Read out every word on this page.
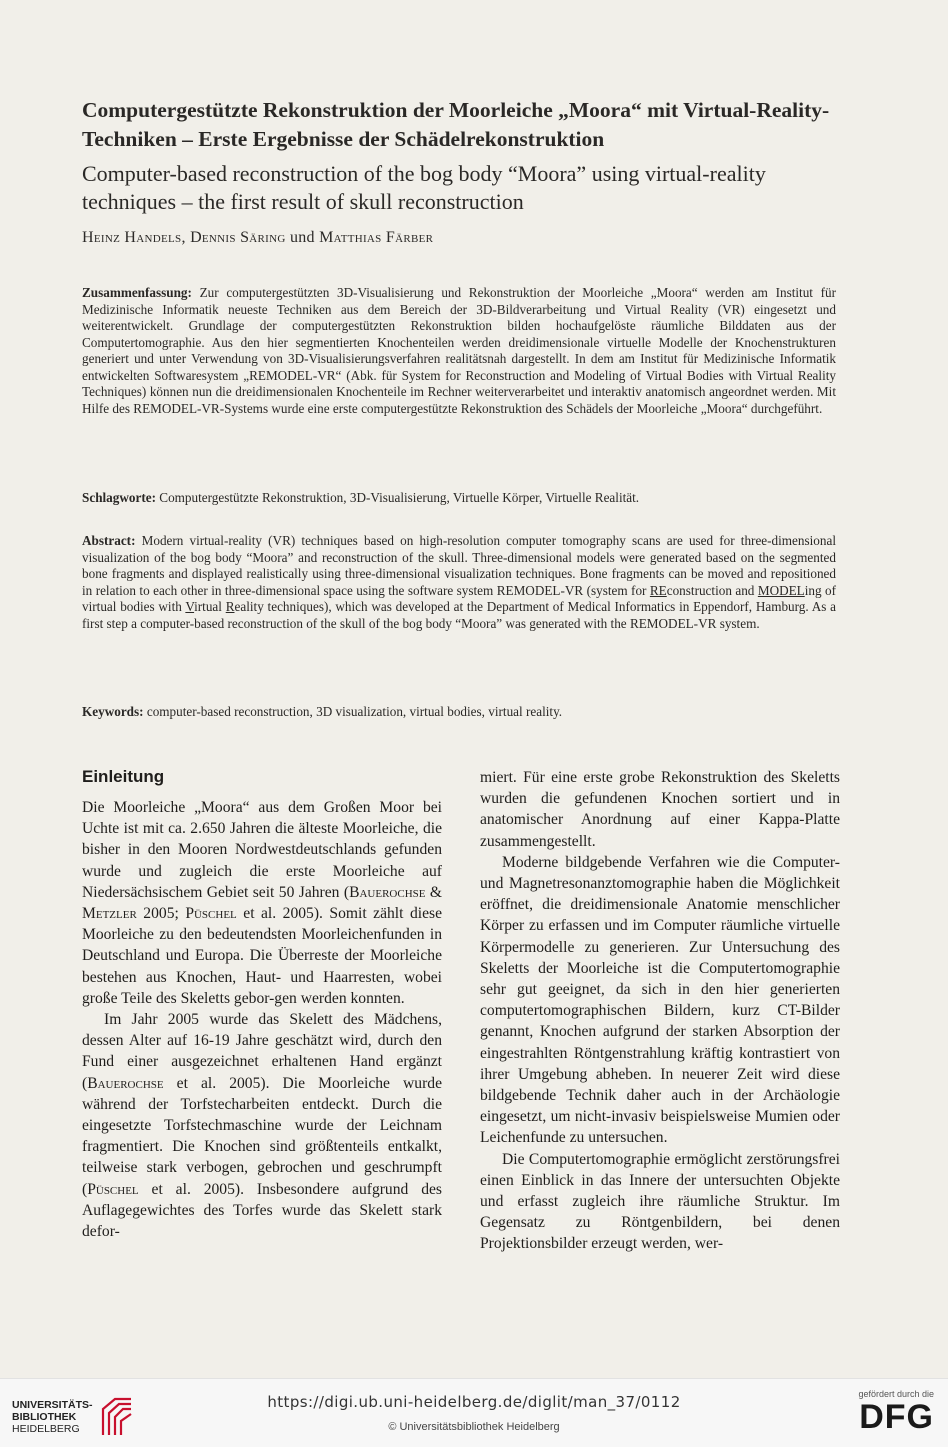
Computergestützte Rekonstruktion der Moorleiche „Moora“ mit Virtual-Reality-Techniken – Erste Ergebnisse der Schädelrekonstruktion
Computer-based reconstruction of the bog body “Moora” using virtual-reality techniques – the first result of skull reconstruction
Heinz Handels, Dennis Säring und Matthias Färber
Zusammenfassung: Zur computergestützten 3D-Visualisierung und Rekonstruktion der Moorleiche „Moora“ werden am Institut für Medizinische Informatik neueste Techniken aus dem Bereich der 3D-Bildverarbeitung und Virtual Reality (VR) eingesetzt und weiterentwickelt. Grundlage der computergestützten Rekonstruktion bilden hochaufgelöste räumliche Bilddaten aus der Computertomographie. Aus den hier segmentierten Knochenteilen werden dreidimensionale virtuelle Modelle der Knochenstrukturen generiert und unter Verwendung von 3D-Visualisierungsverfahren realitätsnah dargestellt. In dem am Institut für Medizinische Informatik entwickelten Softwaresystem „REMODEL-VR“ (Abk. für System for Reconstruction and Modeling of Virtual Bodies with Virtual Reality Techniques) können nun die dreidimensionalen Knochenteile im Rechner weiterverarbeitet und interaktiv anatomisch angeordnet werden. Mit Hilfe des REMODEL-VR-Systems wurde eine erste computergestützte Rekonstruktion des Schädels der Moorleiche „Moora“ durchgeführt.
Schlagworte: Computergestützte Rekonstruktion, 3D-Visualisierung, Virtuelle Körper, Virtuelle Realität.
Abstract: Modern virtual-reality (VR) techniques based on high-resolution computer tomography scans are used for three-dimensional visualization of the bog body “Moora” and reconstruction of the skull. Three-dimensional models were generated based on the segmented bone fragments and displayed realistically using three-dimensional visualization techniques. Bone fragments can be moved and repositioned in relation to each other in three-dimensional space using the software system REMODEL-VR (system for REconstruction and MODELing of virtual bodies with Virtual Reality techniques), which was developed at the Department of Medical Informatics in Eppendorf, Hamburg. As a first step a computer-based reconstruction of the skull of the bog body “Moora” was generated with the REMODEL-VR system.
Keywords: computer-based reconstruction, 3D visualization, virtual bodies, virtual reality.
Einleitung

Die Moorleiche „Moora“ aus dem Großen Moor bei Uchte ist mit ca. 2.650 Jahren die älteste Moorleiche, die bisher in den Mooren Nordwestdeutschlands gefunden wurde und zugleich die erste Moorleiche auf Niedersächsischem Gebiet seit 50 Jahren (Bauerochse & Metzler 2005; Püschel et al. 2005). Somit zählt diese Moorleiche zu den bedeutendsten Moorleichenfunden in Deutschland und Europa. Die Überreste der Moorleiche bestehen aus Knochen, Haut- und Haarresten, wobei große Teile des Skeletts gebor-gen werden konnten.

Im Jahr 2005 wurde das Skelett des Mädchens, dessen Alter auf 16-19 Jahre geschätzt wird, durch den Fund einer ausgezeichnet erhaltenen Hand ergänzt (Bauerochse et al. 2005). Die Moorleiche wurde während der Torfstecharbeiten entdeckt. Durch die eingesetzte Torfstechmaschine wurde der Leichnam fragmentiert. Die Knochen sind größtenteils entkalkt, teilweise stark verbogen, gebrochen und geschrumpft (Püschel et al. 2005). Insbesondere aufgrund des Auflagegewichtes des Torfes wurde das Skelett stark defor-

miert. Für eine erste grobe Rekonstruktion des Skeletts wurden die gefundenen Knochen sortiert und in anatomischer Anordnung auf einer Kappa-Platte zusammengestellt.

Moderne bildgebende Verfahren wie die Computer- und Magnetresonanztomographie haben die Möglichkeit eröffnet, die dreidimensionale Anatomie menschlicher Körper zu erfassen und im Computer räumliche virtuelle Körpermodelle zu generieren. Zur Untersuchung des Skeletts der Moorleiche ist die Computertomographie sehr gut geeignet, da sich in den hier generierten computertomographischen Bildern, kurz CT-Bilder genannt, Knochen aufgrund der starken Absorption der eingestrahlten Röntgenstrahlung kräftig kontrastiert von ihrer Umgebung abheben. In neuerer Zeit wird diese bildgebende Technik daher auch in der Archäologie eingesetzt, um nicht-invasiv beispielsweise Mumien oder Leichenfunde zu untersuchen.

Die Computertomographie ermöglicht zerstörungsfrei einen Einblick in das Innere der untersuchten Objekte und erfasst zugleich ihre räumliche Struktur. Im Gegensatz zu Röntgenbildern, bei denen Projektionsbilder erzeugt werden, wer-

UNIVERSITÄTS-
BIBLIOTHEK
HEIDELBERG
https://digi.ub.uni-heidelberg.de/diglit/man_37/0112
© Universitätsbibliothek Heidelberg
gefördert durch die
DFG
